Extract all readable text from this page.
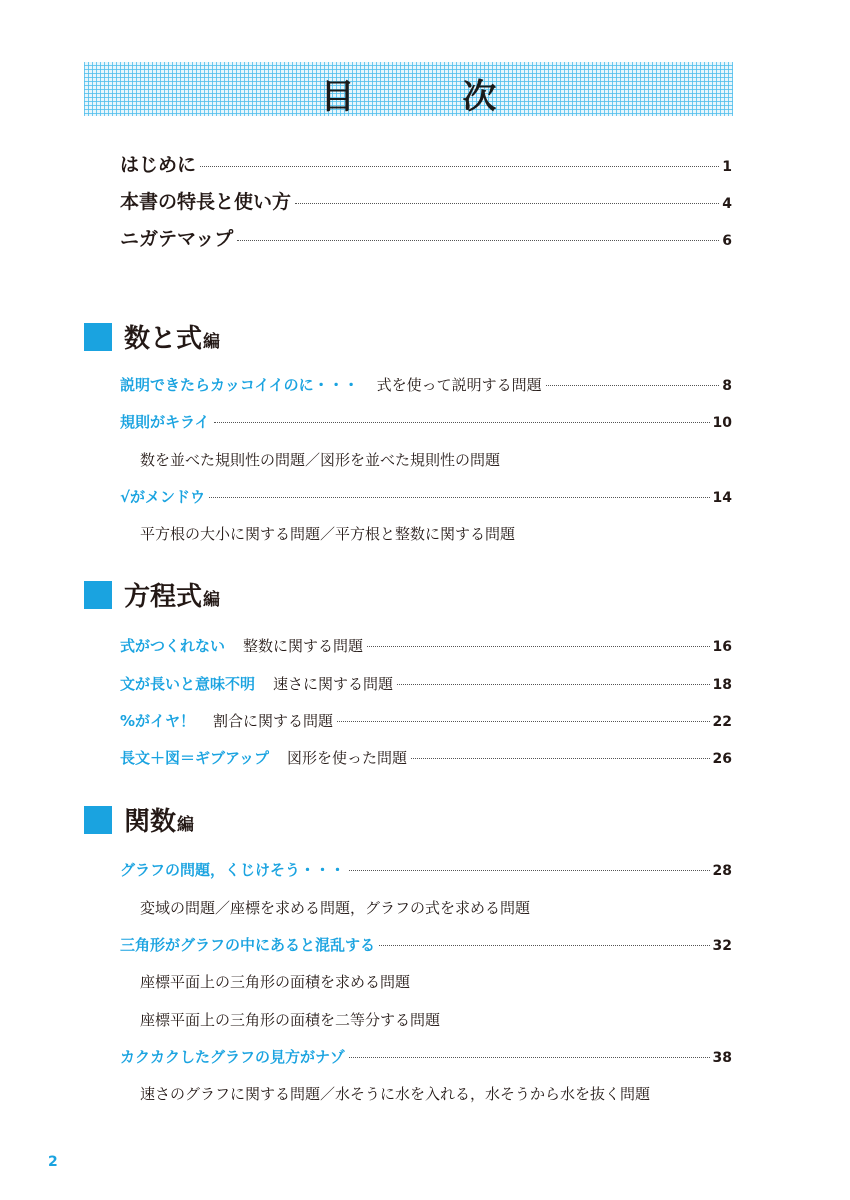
目 次
はじめに	1
本書の特長と使い方	4
ニガテマップ	6
数と式 編
説明できたらカッコイイのに・・・ 式を使って説明する問題	8
規則がキライ	10
数を並べた規則性の問題／図形を並べた規則性の問題
√がメンドウ	14
平方根の大小に関する問題／平方根と整数に関する問題
方程式 編
式がつくれない 整数に関する問題	16
文が長いと意味不明 速さに関する問題	18
%がイヤ！ 割合に関する問題	22
長文＋図＝ギブアップ 図形を使った問題	26
関数 編
グラフの問題，くじけそう・・・	28
変域の問題／座標を求める問題，グラフの式を求める問題
三角形がグラフの中にあると混乱する	32
座標平面上の三角形の面積を求める問題
座標平面上の三角形の面積を二等分する問題
カクカクしたグラフの見方がナゾ	38
速さのグラフに関する問題／水そうに水を入れる，水そうから水を抜く問題
2
